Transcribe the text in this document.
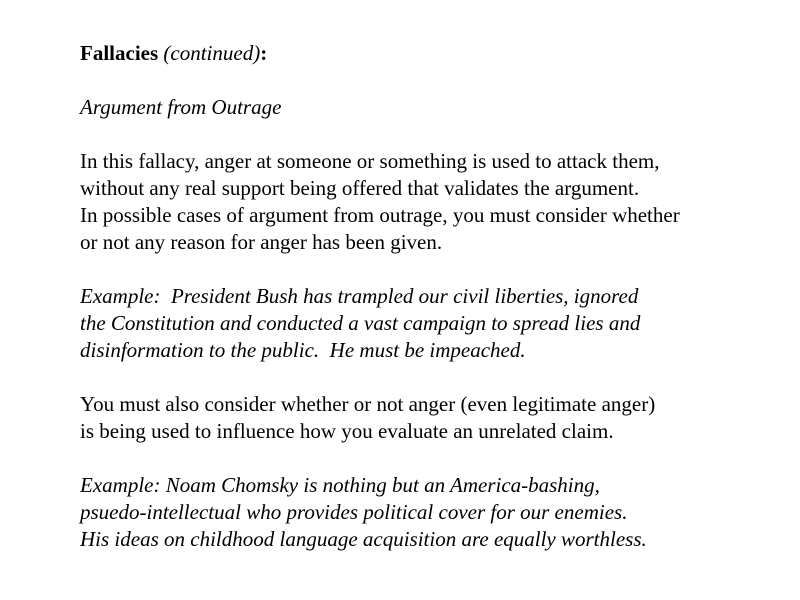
Fallacies (continued):
Argument from Outrage
In this fallacy, anger at someone or something is used to attack them,
without any real support being offered that validates the argument.
In possible cases of argument from outrage, you must consider whether
or not any reason for anger has been given.
Example:  President Bush has trampled our civil liberties, ignored
the Constitution and conducted a vast campaign to spread lies and
disinformation to the public.  He must be impeached.
You must also consider whether or not anger (even legitimate anger)
is being used to influence how you evaluate an unrelated claim.
Example: Noam Chomsky is nothing but an America-bashing,
psuedo-intellectual who provides political cover for our enemies.
His ideas on childhood language acquisition are equally worthless.
